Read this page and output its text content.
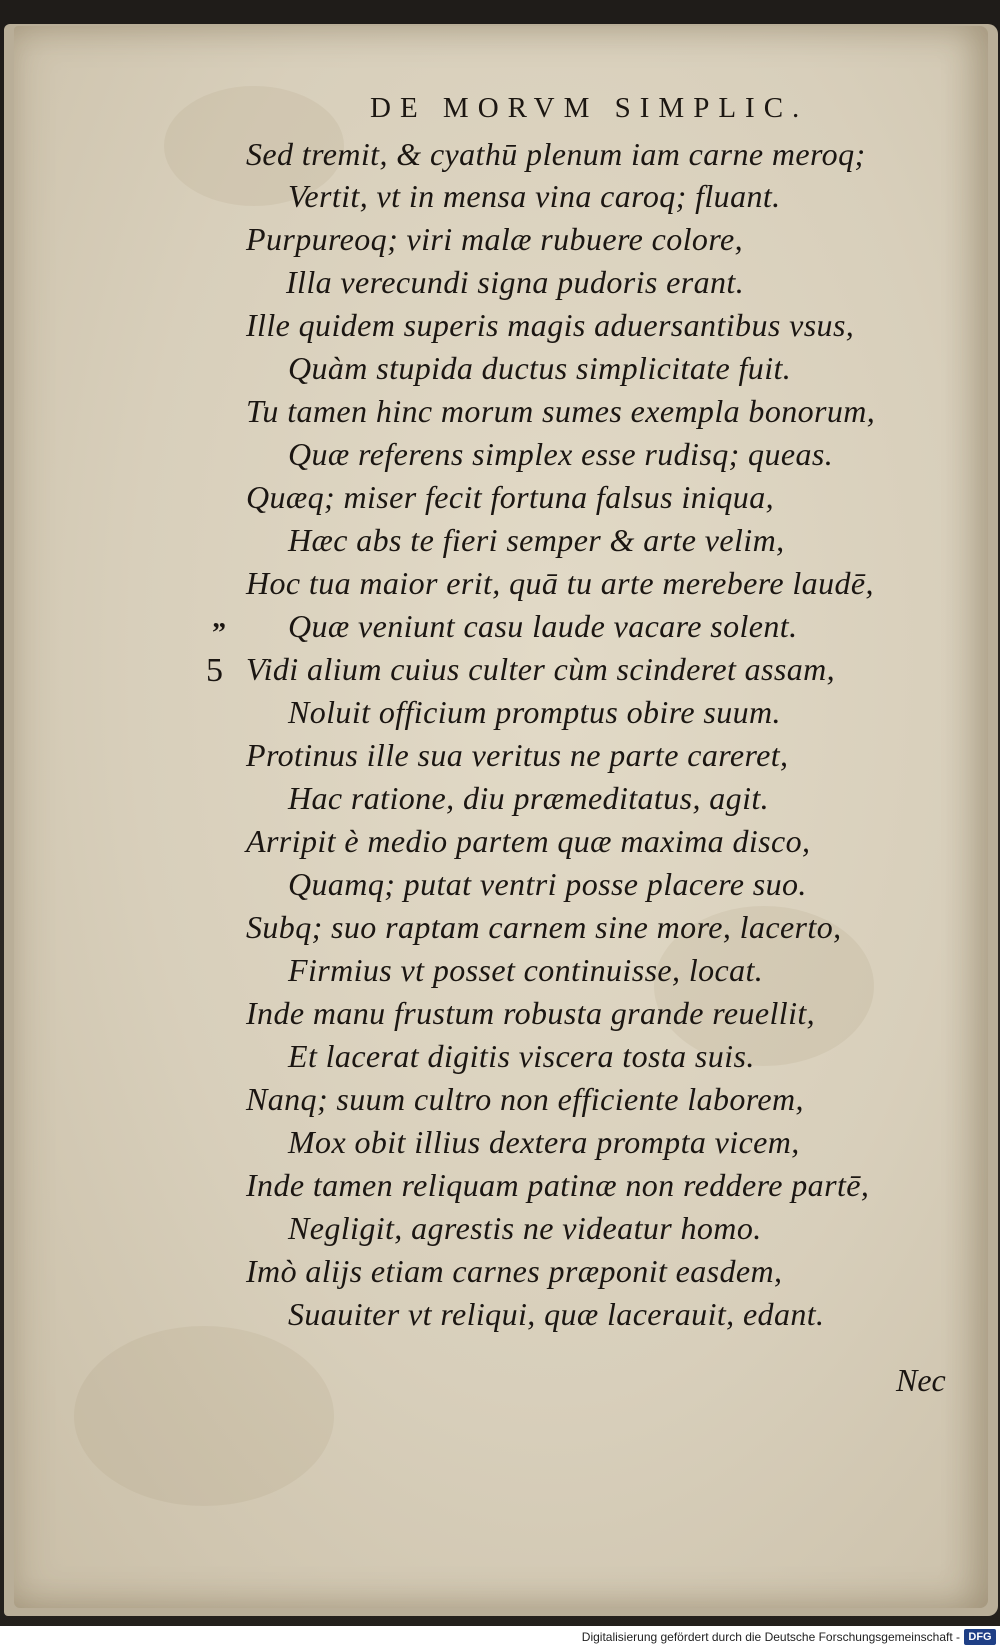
DE MORVM SIMPLIC.
Sed tremit, & cyathū plenum iam carne meroq;
Vertit, vt in mensa vina caroq; fluant.
Purpureoq; viri malæ rubuere colore,
Illa verecundi signa pudoris erant.
Ille quidem superis magis aduersantibus vsus,
Quàm stupida ductus simplicitate fuit.
Tu tamen hinc morum sumes exempla bonorum,
Quæ referens simplex esse rudisq; queas.
Quæq; miser fecit fortuna falsus iniqua,
Hæc abs te fieri semper & arte velim,
Hoc tua maior erit, quā tu arte merebere laudē,
Quæ veniunt casu laude vacare solent.
Vidi alium cuius culter cùm scinderet assam,
Noluit officium promptus obire suum.
Protinus ille sua veritus ne parte careret,
Hac ratione, diu præmeditatus, agit.
Arripit è medio partem quæ maxima disco,
Quamq; putat ventri posse placere suo.
Subq; suo raptam carnem sine more, lacerto,
Firmius vt posset continuisse, locat.
Inde manu frustum robusta grande reuellit,
Et lacerat digitis viscera tosta suis.
Nanq; suum cultro non efficiente laborem,
Mox obit illius dextera prompta vicem,
Inde tamen reliquam patinæ non reddere partē,
Negligit, agrestis ne videatur homo.
Imò alijs etiam carnes præponit easdem,
Suauiter vt reliqui, quæ lacerauit, edant.
”
5
Nec
Digitalisierung gefördert durch die Deutsche Forschungsgemeinschaft - DFG
